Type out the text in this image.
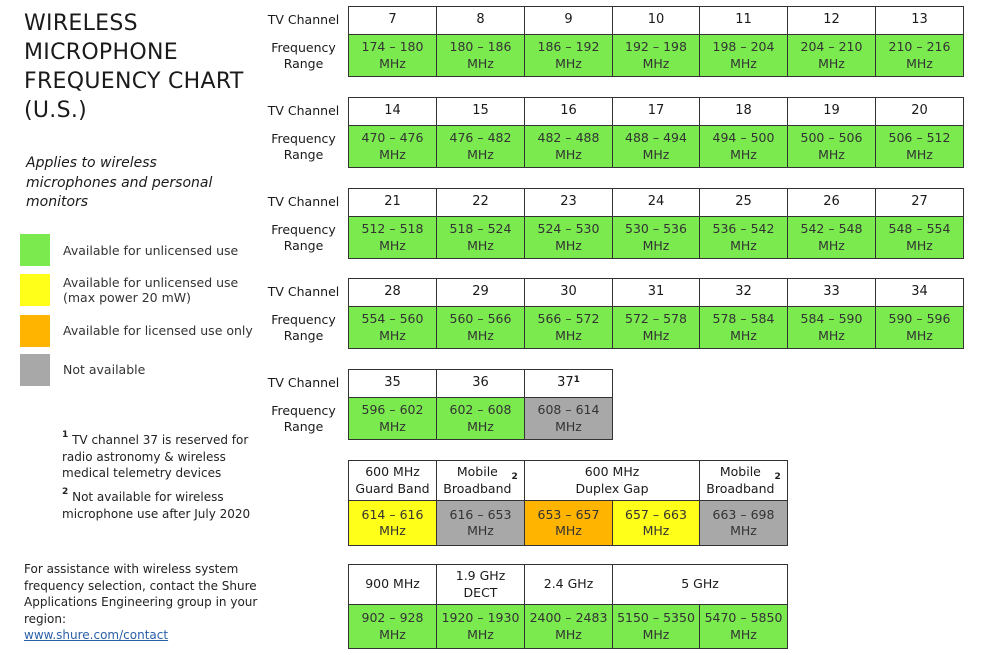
WIRELESS
MICROPHONE
FREQUENCY CHART
(U.S.)
Applies to wireless microphones and personal monitors
Available for unlicensed use
Available for unlicensed use
(max power 20 mW)
Available for licensed use only
Not available
$^1$ TV channel 37 is reserved for radio astronomy & wireless medical telemetry devices
$^2$ Not available for wireless microphone use after July 2020
For assistance with wireless system frequency selection, contact the Shure Applications Engineering group in your region:
www.shure.com/contact
TV Channel
Frequency
Range
7
174 – 180
MHz
8
180 – 186
MHz
9
186 – 192
MHz
10
192 – 198
MHz
11
198 – 204
MHz
12
204 – 210
MHz
13
210 – 216
MHz
TV Channel
Frequency
Range
14
470 – 476
MHz
15
476 – 482
MHz
16
482 – 488
MHz
17
488 – 494
MHz
18
494 – 500
MHz
19
500 – 506
MHz
20
506 – 512
MHz
TV Channel
Frequency
Range
21
512 – 518
MHz
22
518 – 524
MHz
23
524 – 530
MHz
24
530 – 536
MHz
25
536 – 542
MHz
26
542 – 548
MHz
27
548 – 554
MHz
TV Channel
Frequency
Range
28
554 – 560
MHz
29
560 – 566
MHz
30
566 – 572
MHz
31
572 – 578
MHz
32
578 – 584
MHz
33
584 – 590
MHz
34
590 – 596
MHz
TV Channel
Frequency
Range
35
596 – 602
MHz
36
602 – 608
MHz
$37^1$
608 – 614
MHz
600 MHz
Guard Band
Mobile
Broadband
$^2$	600 MHz
Duplex Gap
Mobile
Broadband
$^2$
614 – 616
MHz
616 – 653
MHz
653 – 657
MHz
657 – 663
MHz
663 – 698
MHz
900 MHz
1.9 GHz
DECT
2.4 GHz	5 GHz
902 – 928
MHz
1920 – 1930
MHz
2400 – 2483
MHz
5150 – 5350
MHz
5470 – 5850
MHz
